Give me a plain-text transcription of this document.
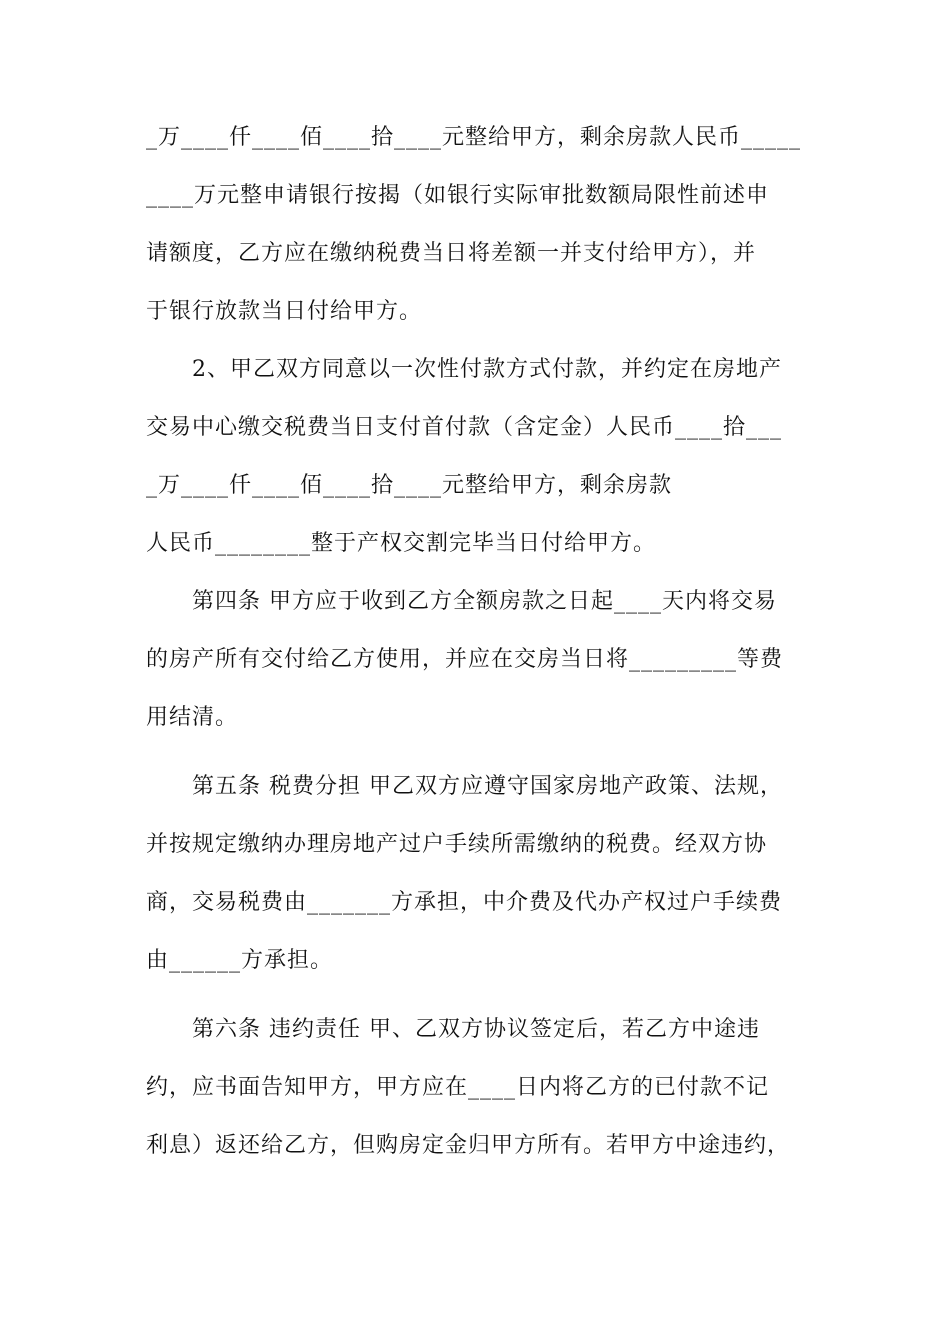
_万____仟____佰____拾____元整给甲方，剩余房款人民币_____
____万元整申请银行按揭（如银行实际审批数额局限性前述申
请额度，乙方应在缴纳税费当日将差额一并支付给甲方），并
于银行放款当日付给甲方。
2、甲乙双方同意以一次性付款方式付款，并约定在房地产
交易中心缴交税费当日支付首付款（含定金）人民币____拾___
_万____仟____佰____拾____元整给甲方，剩余房款
人民币________整于产权交割完毕当日付给甲方。
第四条 甲方应于收到乙方全额房款之日起____天内将交易
的房产所有交付给乙方使用，并应在交房当日将_________等费
用结清。
第五条 税费分担 甲乙双方应遵守国家房地产政策、法规，
并按规定缴纳办理房地产过户手续所需缴纳的税费。经双方协
商，交易税费由_______方承担，中介费及代办产权过户手续费
由______方承担。
第六条 违约责任 甲、乙双方协议签定后，若乙方中途违
约，应书面告知甲方，甲方应在____日内将乙方的已付款不记
利息）返还给乙方，但购房定金归甲方所有。若甲方中途违约，
